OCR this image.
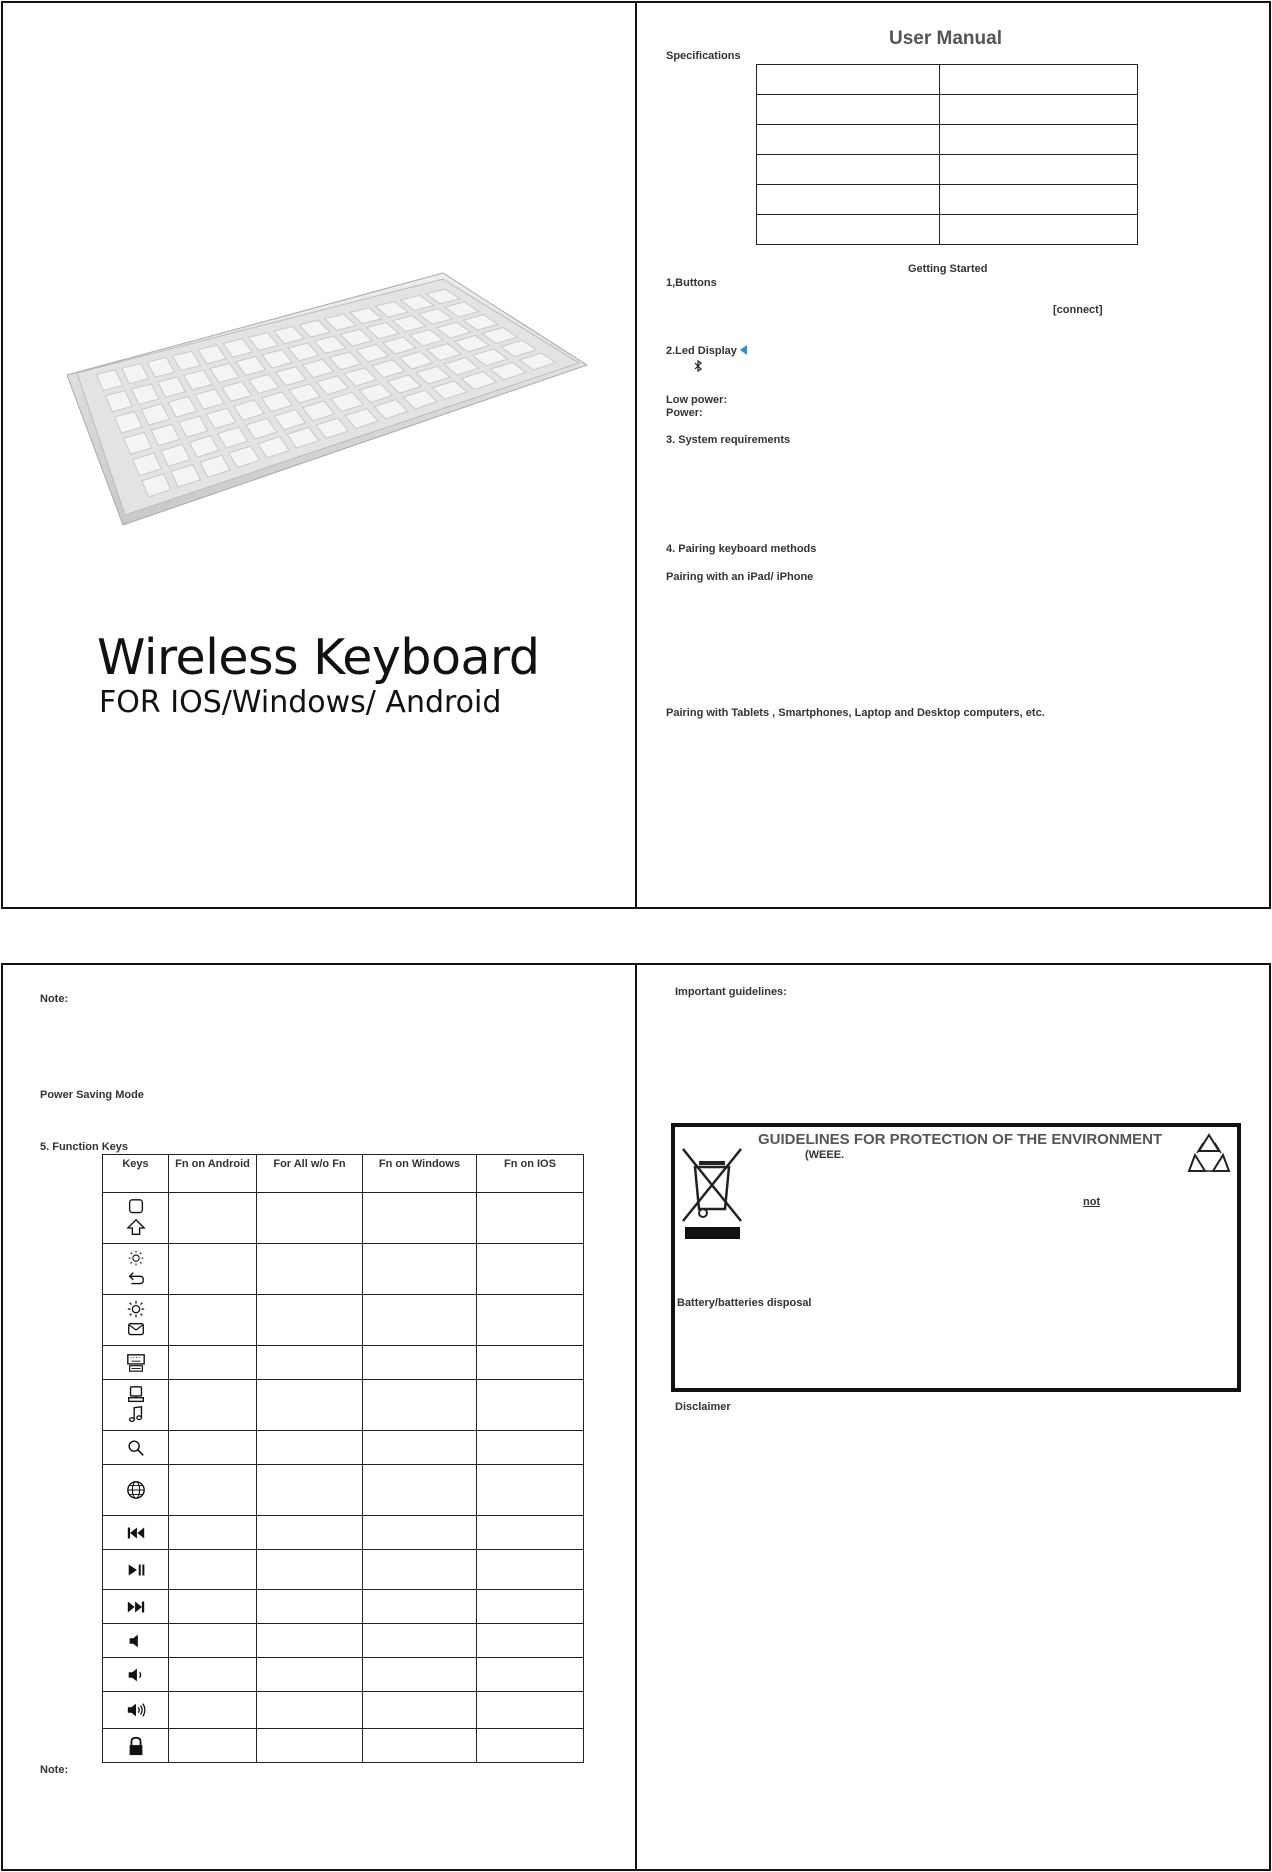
Wireless Keyboard
FOR IOS/Windows/ Android
User Manual
Specifications

Getting Started
1,Buttons
[connect]
2.Led Display
Low power:
Power:
3. System requirements
4. Pairing keyboard methods
Pairing with an iPad/ iPhone
Pairing with Tablets , Smartphones, Laptop and Desktop computers, etc.
Note:
Power Saving Mode
5. Function Keys
Keys	Fn on Android	For All w/o Fn	Fn on Windows	Fn on IOS

Note:
Important guidelines:
GUIDELINES FOR PROTECTION OF THE ENVIRONMENT
(WEEE.
not
Battery/batteries disposal
Disclaimer
